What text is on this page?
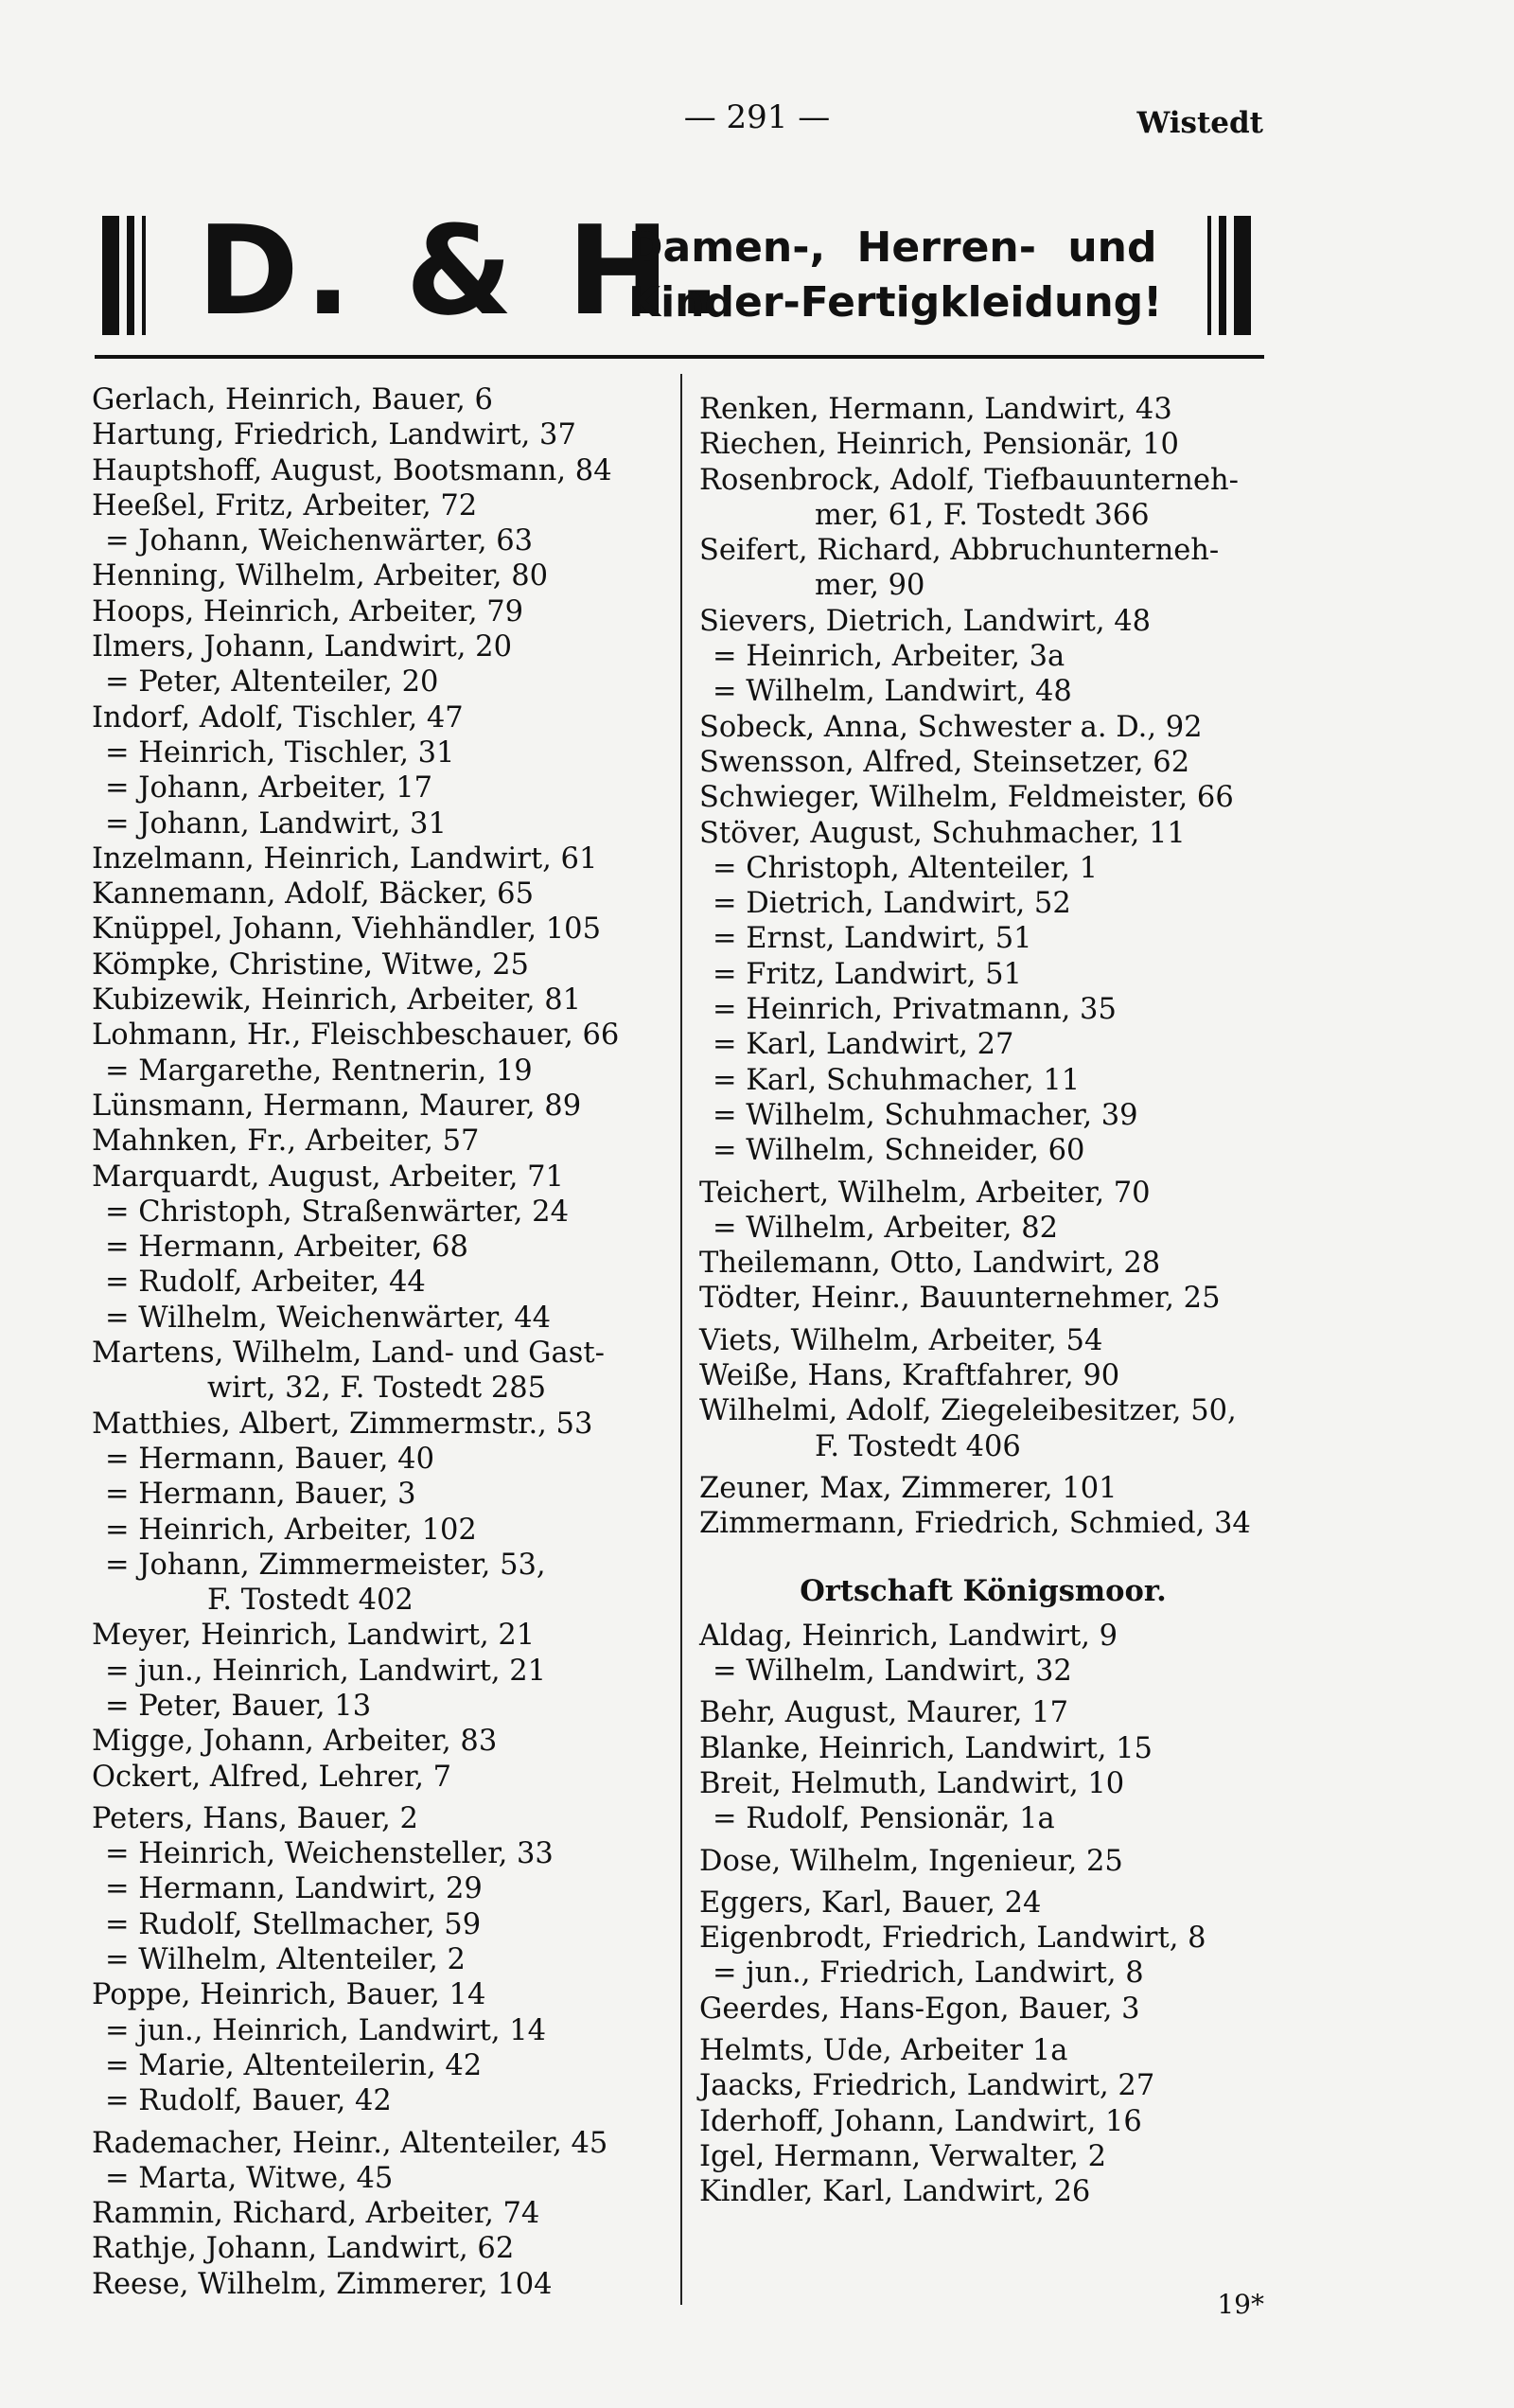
— 291 —	Wistedt
D. & H.
Damen-, Herren- und
Kinder-Fertigkleidung!
Gerlach, Heinrich, Bauer, 6
Hartung, Friedrich, Landwirt, 37
Hauptshoff, August, Bootsmann, 84
Heeßel, Fritz, Arbeiter, 72
= Johann, Weichenwärter, 63
Henning, Wilhelm, Arbeiter, 80
Hoops, Heinrich, Arbeiter, 79
Ilmers, Johann, Landwirt, 20
= Peter, Altenteiler, 20
Indorf, Adolf, Tischler, 47
= Heinrich, Tischler, 31
= Johann, Arbeiter, 17
= Johann, Landwirt, 31
Inzelmann, Heinrich, Landwirt, 61
Kannemann, Adolf, Bäcker, 65
Knüppel, Johann, Viehhändler, 105
Kömpke, Christine, Witwe, 25
Kubizewik, Heinrich, Arbeiter, 81
Lohmann, Hr., Fleischbeschauer, 66
= Margarethe, Rentnerin, 19
Lünsmann, Hermann, Maurer, 89
Mahnken, Fr., Arbeiter, 57
Marquardt, August, Arbeiter, 71
= Christoph, Straßenwärter, 24
= Hermann, Arbeiter, 68
= Rudolf, Arbeiter, 44
= Wilhelm, Weichenwärter, 44
Martens, Wilhelm, Land- und Gast-
wirt, 32, F. Tostedt 285
Matthies, Albert, Zimmermstr., 53
= Hermann, Bauer, 40
= Hermann, Bauer, 3
= Heinrich, Arbeiter, 102
= Johann, Zimmermeister, 53,
F. Tostedt 402
Meyer, Heinrich, Landwirt, 21
= jun., Heinrich, Landwirt, 21
= Peter, Bauer, 13
Migge, Johann, Arbeiter, 83
Ockert, Alfred, Lehrer, 7
Peters, Hans, Bauer, 2
= Heinrich, Weichensteller, 33
= Hermann, Landwirt, 29
= Rudolf, Stellmacher, 59
= Wilhelm, Altenteiler, 2
Poppe, Heinrich, Bauer, 14
= jun., Heinrich, Landwirt, 14
= Marie, Altenteilerin, 42
= Rudolf, Bauer, 42
Rademacher, Heinr., Altenteiler, 45
= Marta, Witwe, 45
Rammin, Richard, Arbeiter, 74
Rathje, Johann, Landwirt, 62
Reese, Wilhelm, Zimmerer, 104
Renken, Hermann, Landwirt, 43
Riechen, Heinrich, Pensionär, 10
Rosenbrock, Adolf, Tiefbauunterneh-
mer, 61, F. Tostedt 366
Seifert, Richard, Abbruchunterneh-
mer, 90
Sievers, Dietrich, Landwirt, 48
= Heinrich, Arbeiter, 3a
= Wilhelm, Landwirt, 48
Sobeck, Anna, Schwester a. D., 92
Swensson, Alfred, Steinsetzer, 62
Schwieger, Wilhelm, Feldmeister, 66
Stöver, August, Schuhmacher, 11
= Christoph, Altenteiler, 1
= Dietrich, Landwirt, 52
= Ernst, Landwirt, 51
= Fritz, Landwirt, 51
= Heinrich, Privatmann, 35
= Karl, Landwirt, 27
= Karl, Schuhmacher, 11
= Wilhelm, Schuhmacher, 39
= Wilhelm, Schneider, 60
Teichert, Wilhelm, Arbeiter, 70
= Wilhelm, Arbeiter, 82
Theilemann, Otto, Landwirt, 28
Tödter, Heinr., Bauunternehmer, 25
Viets, Wilhelm, Arbeiter, 54
Weiße, Hans, Kraftfahrer, 90
Wilhelmi, Adolf, Ziegeleibesitzer, 50,
F. Tostedt 406
Zeuner, Max, Zimmerer, 101
Zimmermann, Friedrich, Schmied, 34
Ortschaft Königsmoor.
Aldag, Heinrich, Landwirt, 9
= Wilhelm, Landwirt, 32
Behr, August, Maurer, 17
Blanke, Heinrich, Landwirt, 15
Breit, Helmuth, Landwirt, 10
= Rudolf, Pensionär, 1a
Dose, Wilhelm, Ingenieur, 25
Eggers, Karl, Bauer, 24
Eigenbrodt, Friedrich, Landwirt, 8
= jun., Friedrich, Landwirt, 8
Geerdes, Hans-Egon, Bauer, 3
Helmts, Ude, Arbeiter 1a
Jaacks, Friedrich, Landwirt, 27
Iderhoff, Johann, Landwirt, 16
Igel, Hermann, Verwalter, 2
Kindler, Karl, Landwirt, 26
19*
